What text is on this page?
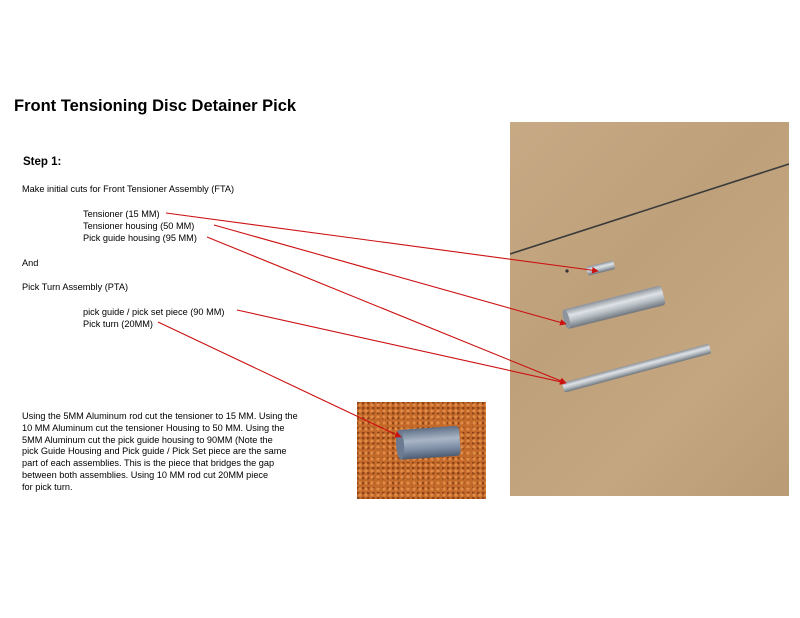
Front Tensioning Disc Detainer Pick
Step 1:
Make initial cuts for Front Tensioner Assembly (FTA)
Tensioner (15 MM)
Tensioner housing (50 MM)
Pick guide housing (95 MM)
And
Pick Turn Assembly (PTA)
pick guide / pick set piece (90 MM)
Pick turn (20MM)
Using the 5MM Aluminum rod cut the tensioner to 15 MM. Using the
10 MM Aluminum cut the tensioner Housing to 50 MM. Using the
5MM Aluminum cut the pick guide housing to 90MM (Note the
pick Guide Housing and Pick guide / Pick Set piece are the same
part of each assemblies. This is the piece that bridges the gap
between both assemblies. Using 10 MM rod cut 20MM piece
for pick turn.
